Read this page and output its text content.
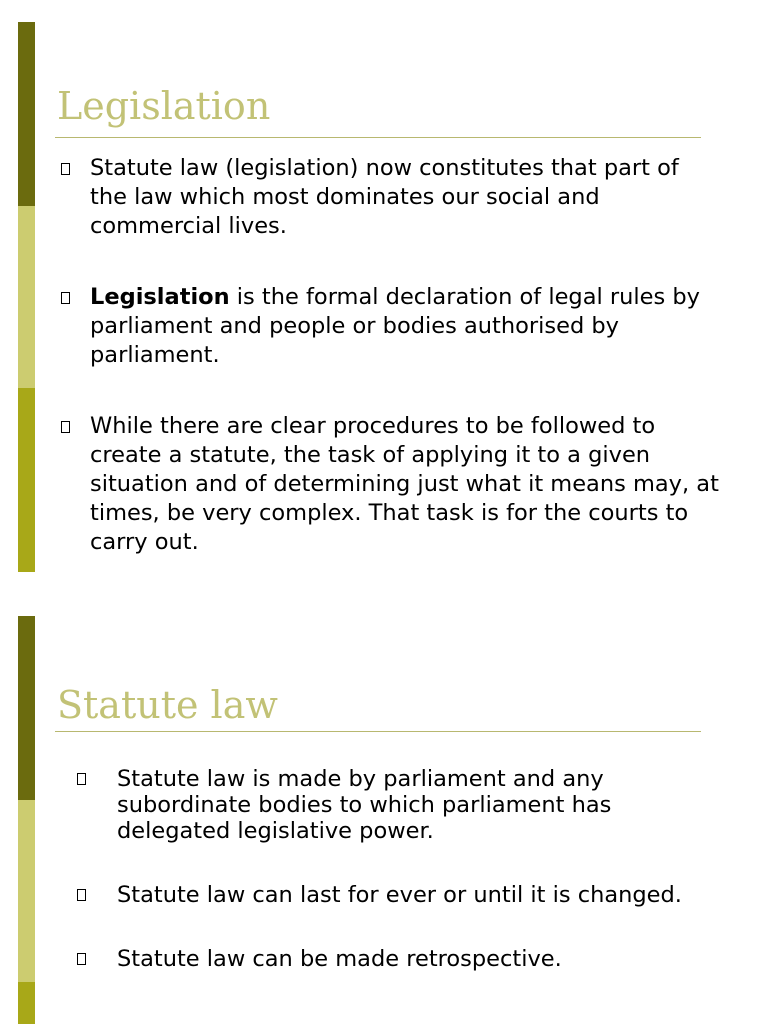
Legislation
Statute law (legislation) now constitutes that part of the law which most dominates our social and commercial lives.
Legislation is the formal declaration of legal rules by parliament and people or bodies authorised by parliament.
While there are clear procedures to be followed to create a statute, the task of applying it to a given situation and of determining just what it means may, at times, be very complex. That task is for the courts to carry out.
Statute law
Statute law is made by parliament and any subordinate bodies to which parliament has delegated legislative power.
Statute law can last for ever or until it is changed.
Statute law can be made retrospective.
